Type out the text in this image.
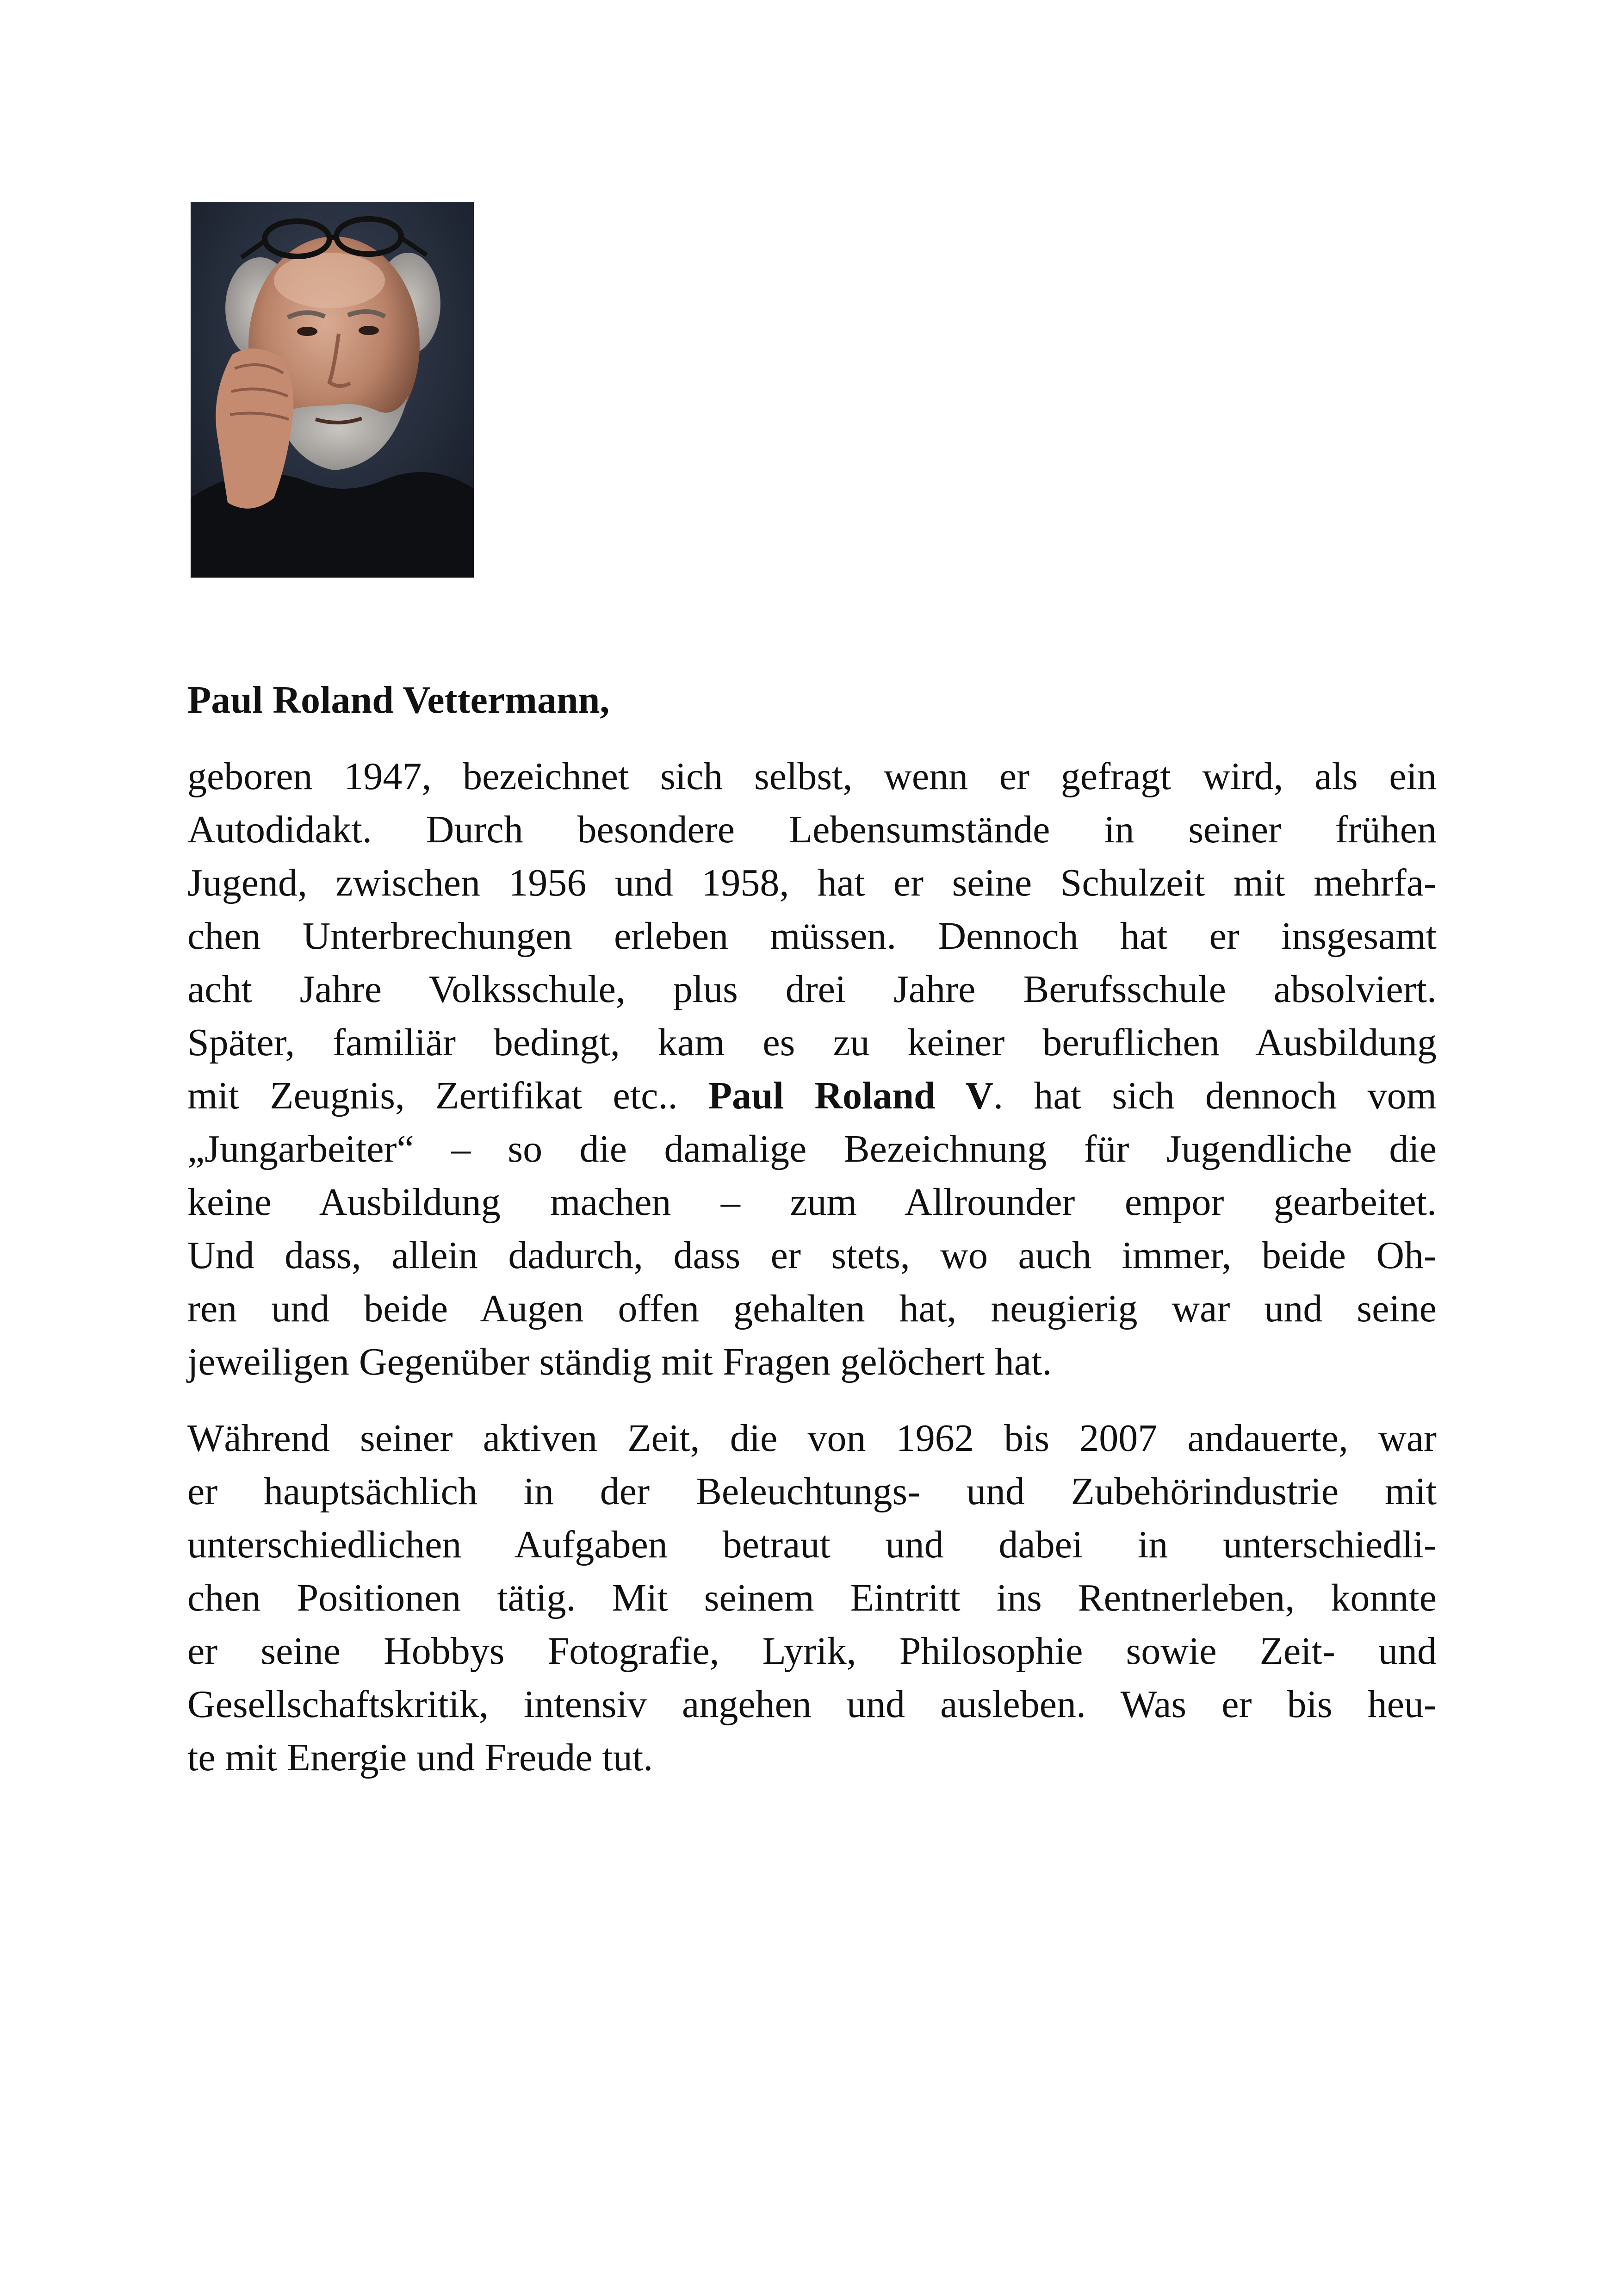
Paul Roland Vettermann,
geboren 1947, bezeichnet sich selbst, wenn er gefragt wird, als ein
Autodidakt. Durch besondere Lebensumstände in seiner frühen
Jugend, zwischen 1956 und 1958, hat er seine Schulzeit mit mehrfa-
chen Unterbrechungen erleben müssen. Dennoch hat er insgesamt
acht Jahre Volksschule, plus drei Jahre Berufsschule absolviert.
Später, familiär bedingt, kam es zu keiner beruflichen Ausbildung
mit Zeugnis, Zertifikat etc.. Paul Roland V. hat sich dennoch vom
„Jungarbeiter“ – so die damalige Bezeichnung für Jugendliche die
keine Ausbildung machen – zum Allrounder empor gearbeitet.
Und dass, allein dadurch, dass er stets, wo auch immer, beide Oh-
ren und beide Augen offen gehalten hat, neugierig war und seine
jeweiligen Gegenüber ständig mit Fragen gelöchert hat.
Während seiner aktiven Zeit, die von 1962 bis 2007 andauerte, war
er hauptsächlich in der Beleuchtungs- und Zubehörindustrie mit
unterschiedlichen Aufgaben betraut und dabei in unterschiedli-
chen Positionen tätig. Mit seinem Eintritt ins Rentnerleben, konnte
er seine Hobbys Fotografie, Lyrik, Philosophie sowie Zeit- und
Gesellschaftskritik, intensiv angehen und ausleben. Was er bis heu-
te mit Energie und Freude tut.
